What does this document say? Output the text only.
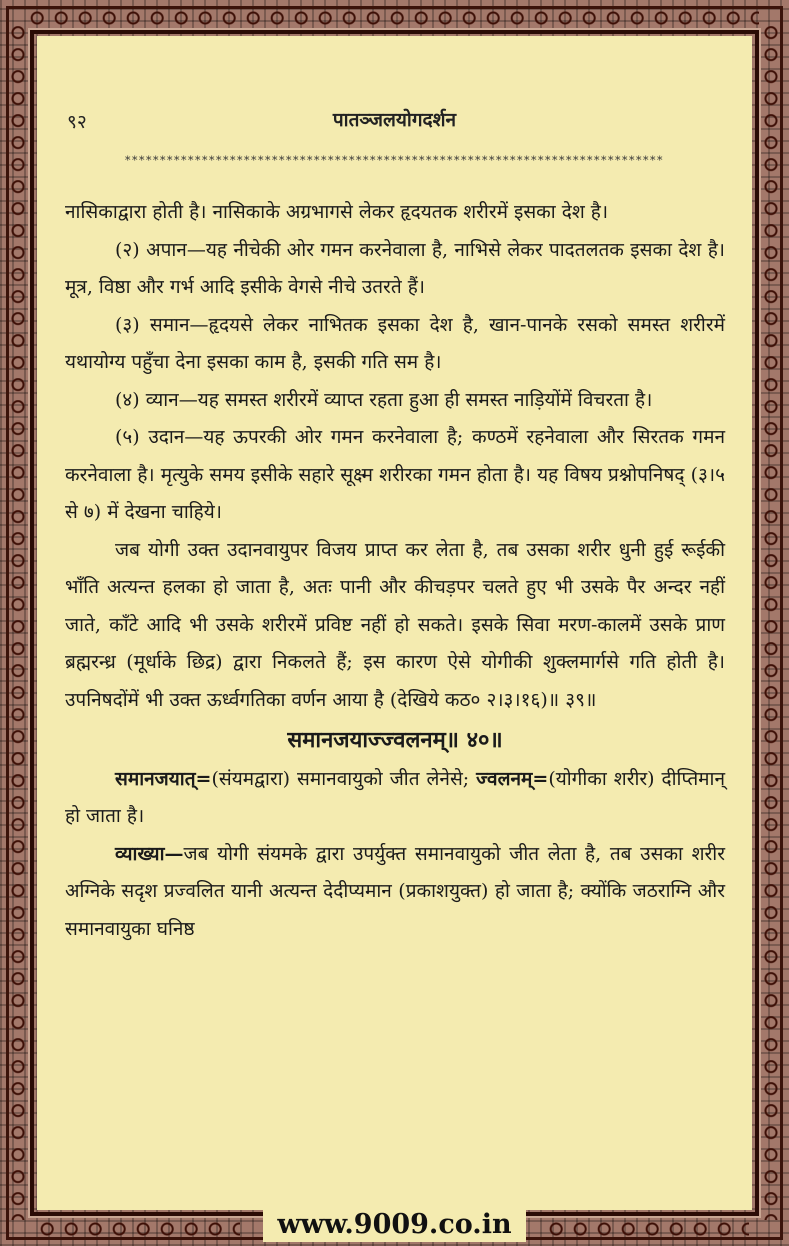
९२	पातञ्जलयोगदर्शन
*****************************************************************************

नासिकाद्वारा होती है। नासिकाके अग्रभागसे लेकर हृदयतक शरीरमें इसका देश है।

(२) अपान—यह नीचेकी ओर गमन करनेवाला है, नाभिसे लेकर पादतलतक इसका देश है। मूत्र, विष्ठा और गर्भ आदि इसीके वेगसे नीचे उतरते हैं।

(३) समान—हृदयसे लेकर नाभितक इसका देश है, खान-पानके रसको समस्त शरीरमें यथायोग्य पहुँचा देना इसका काम है, इसकी गति सम है।

(४) व्यान—यह समस्त शरीरमें व्याप्त रहता हुआ ही समस्त नाड़ियोंमें विचरता है।

(५) उदान—यह ऊपरकी ओर गमन करनेवाला है; कण्ठमें रहनेवाला और सिरतक गमन करनेवाला है। मृत्युके समय इसीके सहारे सूक्ष्म शरीरका गमन होता है। यह विषय प्रश्नोपनिषद् (३।५ से ७) में देखना चाहिये।

जब योगी उक्त उदानवायुपर विजय प्राप्त कर लेता है, तब उसका शरीर धुनी हुई रूईकी भाँति अत्यन्त हलका हो जाता है, अतः पानी और कीचड़पर चलते हुए भी उसके पैर अन्दर नहीं जाते, काँटे आदि भी उसके शरीरमें प्रविष्ट नहीं हो सकते। इसके सिवा मरण-कालमें उसके प्राण ब्रह्मरन्ध्र (मूर्धाके छिद्र) द्वारा निकलते हैं; इस कारण ऐसे योगीकी शुक्लमार्गसे गति होती है। उपनिषदोंमें भी उक्त ऊर्ध्वगतिका वर्णन आया है (देखिये कठ० २।३।१६)॥ ३९॥

समानजयाज्ज्वलनम्॥ ४०॥

समानजयात्=(संयमद्वारा) समानवायुको जीत लेनेसे; ज्वलनम्=(योगीका शरीर) दीप्तिमान् हो जाता है।

व्याख्या—जब योगी संयमके द्वारा उपर्युक्त समानवायुको जीत लेता है, तब उसका शरीर अग्निके सदृश प्रज्वलित यानी अत्यन्त देदीप्यमान (प्रकाशयुक्त) हो जाता है; क्योंकि जठराग्नि और समानवायुका घनिष्ठ

www.9009.co.in
